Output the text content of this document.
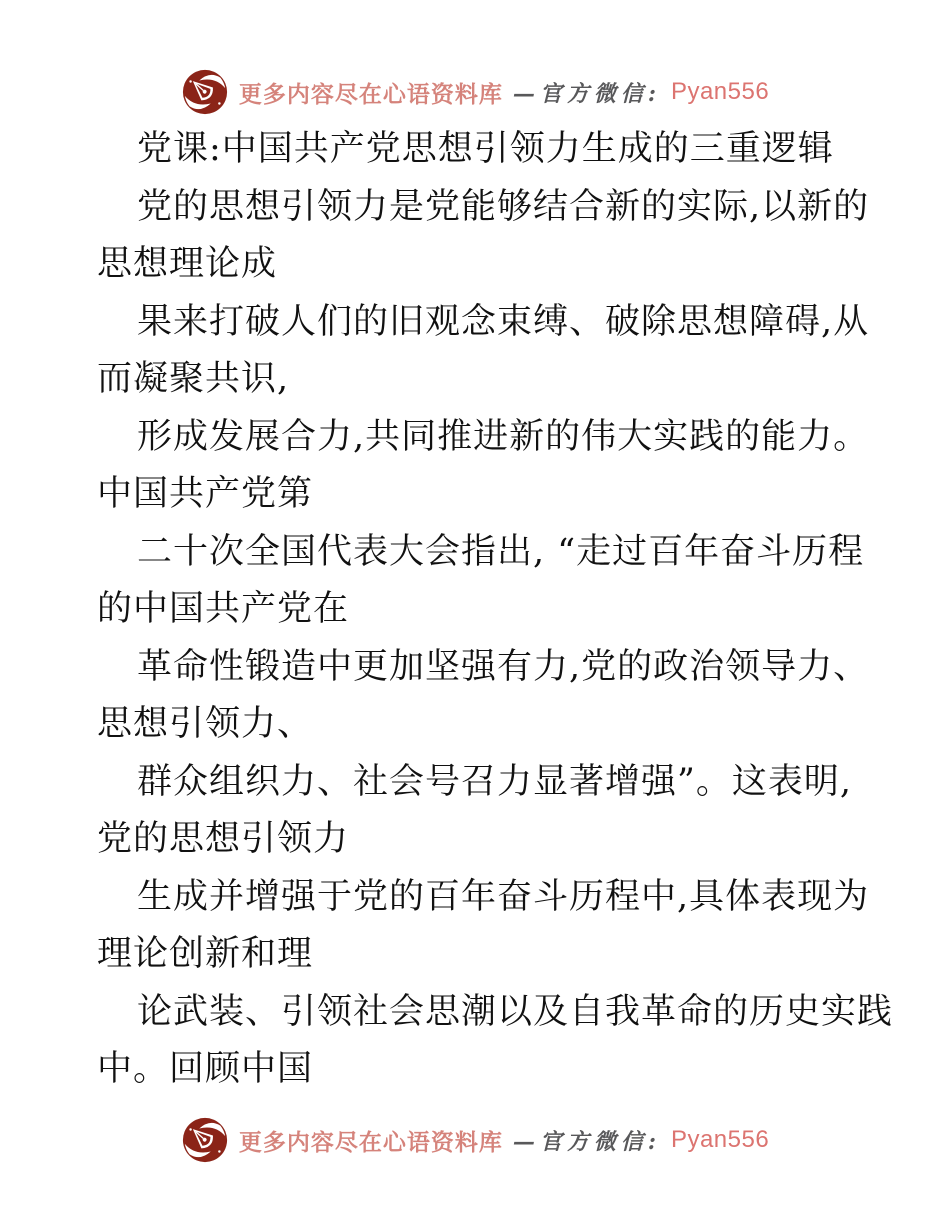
更多内容尽在心语资料库 —官方微信: Pyan556
党课:中国共产党思想引领力生成的三重逻辑
党的思想引领力是党能够结合新的实际,以新的
思想理论成
果来打破人们的旧观念束缚、破除思想障碍,从
而凝聚共识,
形成发展合力,共同推进新的伟大实践的能力。
中国共产党第
二十次全国代表大会指出, “走过百年奋斗历程
的中国共产党在
革命性锻造中更加坚强有力,党的政治领导力、
思想引领力、
群众组织力、社会号召力显著增强”。这表明,
党的思想引领力
生成并增强于党的百年奋斗历程中,具体表现为
理论创新和理
论武装、引领社会思潮以及自我革命的历史实践
中。回顾中国
更多内容尽在心语资料库 —官方微信: Pyan556
